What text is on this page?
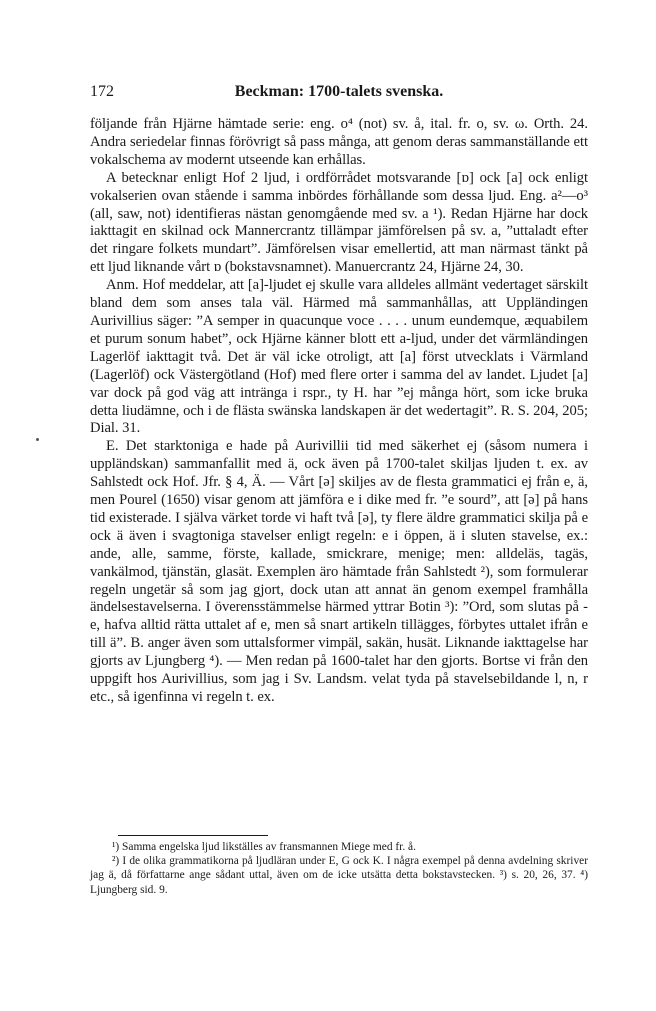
172	Beckman: 1700-talets svenska.

följande från Hjärne hämtade serie: eng. o⁴ (not) sv. å, ital. fr. o, sv. ω. Orth. 24. Andra seriedelar finnas förövrigt så pass många, att genom deras sammanställande ett vokalschema av modernt utseende kan erhållas.

A betecknar enligt Hof 2 ljud, i ordförrådet motsvarande [ɒ] ock [a] ock enligt vokalserien ovan stående i samma inbördes förhållande som dessa ljud. Eng. a²—o³ (all, saw, not) identifieras nästan genomgående med sv. a ¹). Redan Hjärne har dock iakttagit en skilnad ock Mannercrantz tillämpar jämförelsen på sv. a, ”uttaladt efter det ringare folkets mundart”. Jämförelsen visar emellertid, att man närmast tänkt på ett ljud liknande vårt ɒ (bokstavsnamnet). Manuercrantz 24, Hjärne 24, 30.

Anm. Hof meddelar, att [a]-ljudet ej skulle vara alldeles allmänt vedertaget särskilt bland dem som anses tala väl. Härmed må sammanhållas, att Uppländingen Aurivillius säger: ”A semper in quacunque voce . . . . unum eundemque, æquabilem et purum sonum habet”, ock Hjärne känner blott ett a-ljud, under det värmländingen Lagerlöf iakttagit två. Det är väl icke otroligt, att [a] först utvecklats i Värmland (Lagerlöf) ock Västergötland (Hof) med flere orter i samma del av landet. Ljudet [a] var dock på god väg att intränga i rspr., ty H. har ”ej många hört, som icke bruka detta liudämne, och i de flästa swänska landskapen är det wedertagit”. R. S. 204, 205; Dial. 31.

E. Det starktoniga e hade på Aurivillii tid med säkerhet ej (såsom numera i uppländskan) sammanfallit med ä, ock även på 1700-talet skiljas ljuden t. ex. av Sahlstedt ock Hof. Jfr. § 4, Ä. — Vårt [ə] skiljes av de flesta grammatici ej från e, ä, men Pourel (1650) visar genom att jämföra e i dike med fr. ”e sourd”, att [ə] på hans tid existerade. I själva värket torde vi haft två [ə], ty flere äldre grammatici skilja på e ock ä även i svagtoniga stavelser enligt regeln: e i öppen, ä i sluten stavelse, ex.: ande, alle, samme, förste, kallade, smickrare, menige; men: alldeläs, tagäs, vankälmod, tjänstän, glasät. Exemplen äro hämtade från Sahlstedt ²), som formulerar regeln ungetär så som jag gjort, dock utan att annat än genom exempel framhålla ändelsestavelserna. I överensstämmelse härmed yttrar Botin ³): ”Ord, som slutas på -e, hafva alltid rätta uttalet af e, men så snart artikeln tillägges, förbytes uttalet ifrån e till ä”. B. anger även som uttalsformer vimpäl, sakän, husät. Liknande iakttagelse har gjorts av Ljungberg ⁴). — Men redan på 1600-talet har den gjorts. Bortse vi från den uppgift hos Aurivillius, som jag i Sv. Landsm. velat tyda på stavelsebildande l, n, r etc., så igenfinna vi regeln t. ex.

¹) Samma engelska ljud likställes av fransmannen Miege med fr. å.

²) I de olika grammatikorna på ljudläran under E, G ock K. I några exempel på denna avdelning skriver jag ä, då författarne ange sådant uttal, även om de icke utsätta detta bokstavstecken. ³) s. 20, 26, 37. ⁴) Ljungberg sid. 9.
